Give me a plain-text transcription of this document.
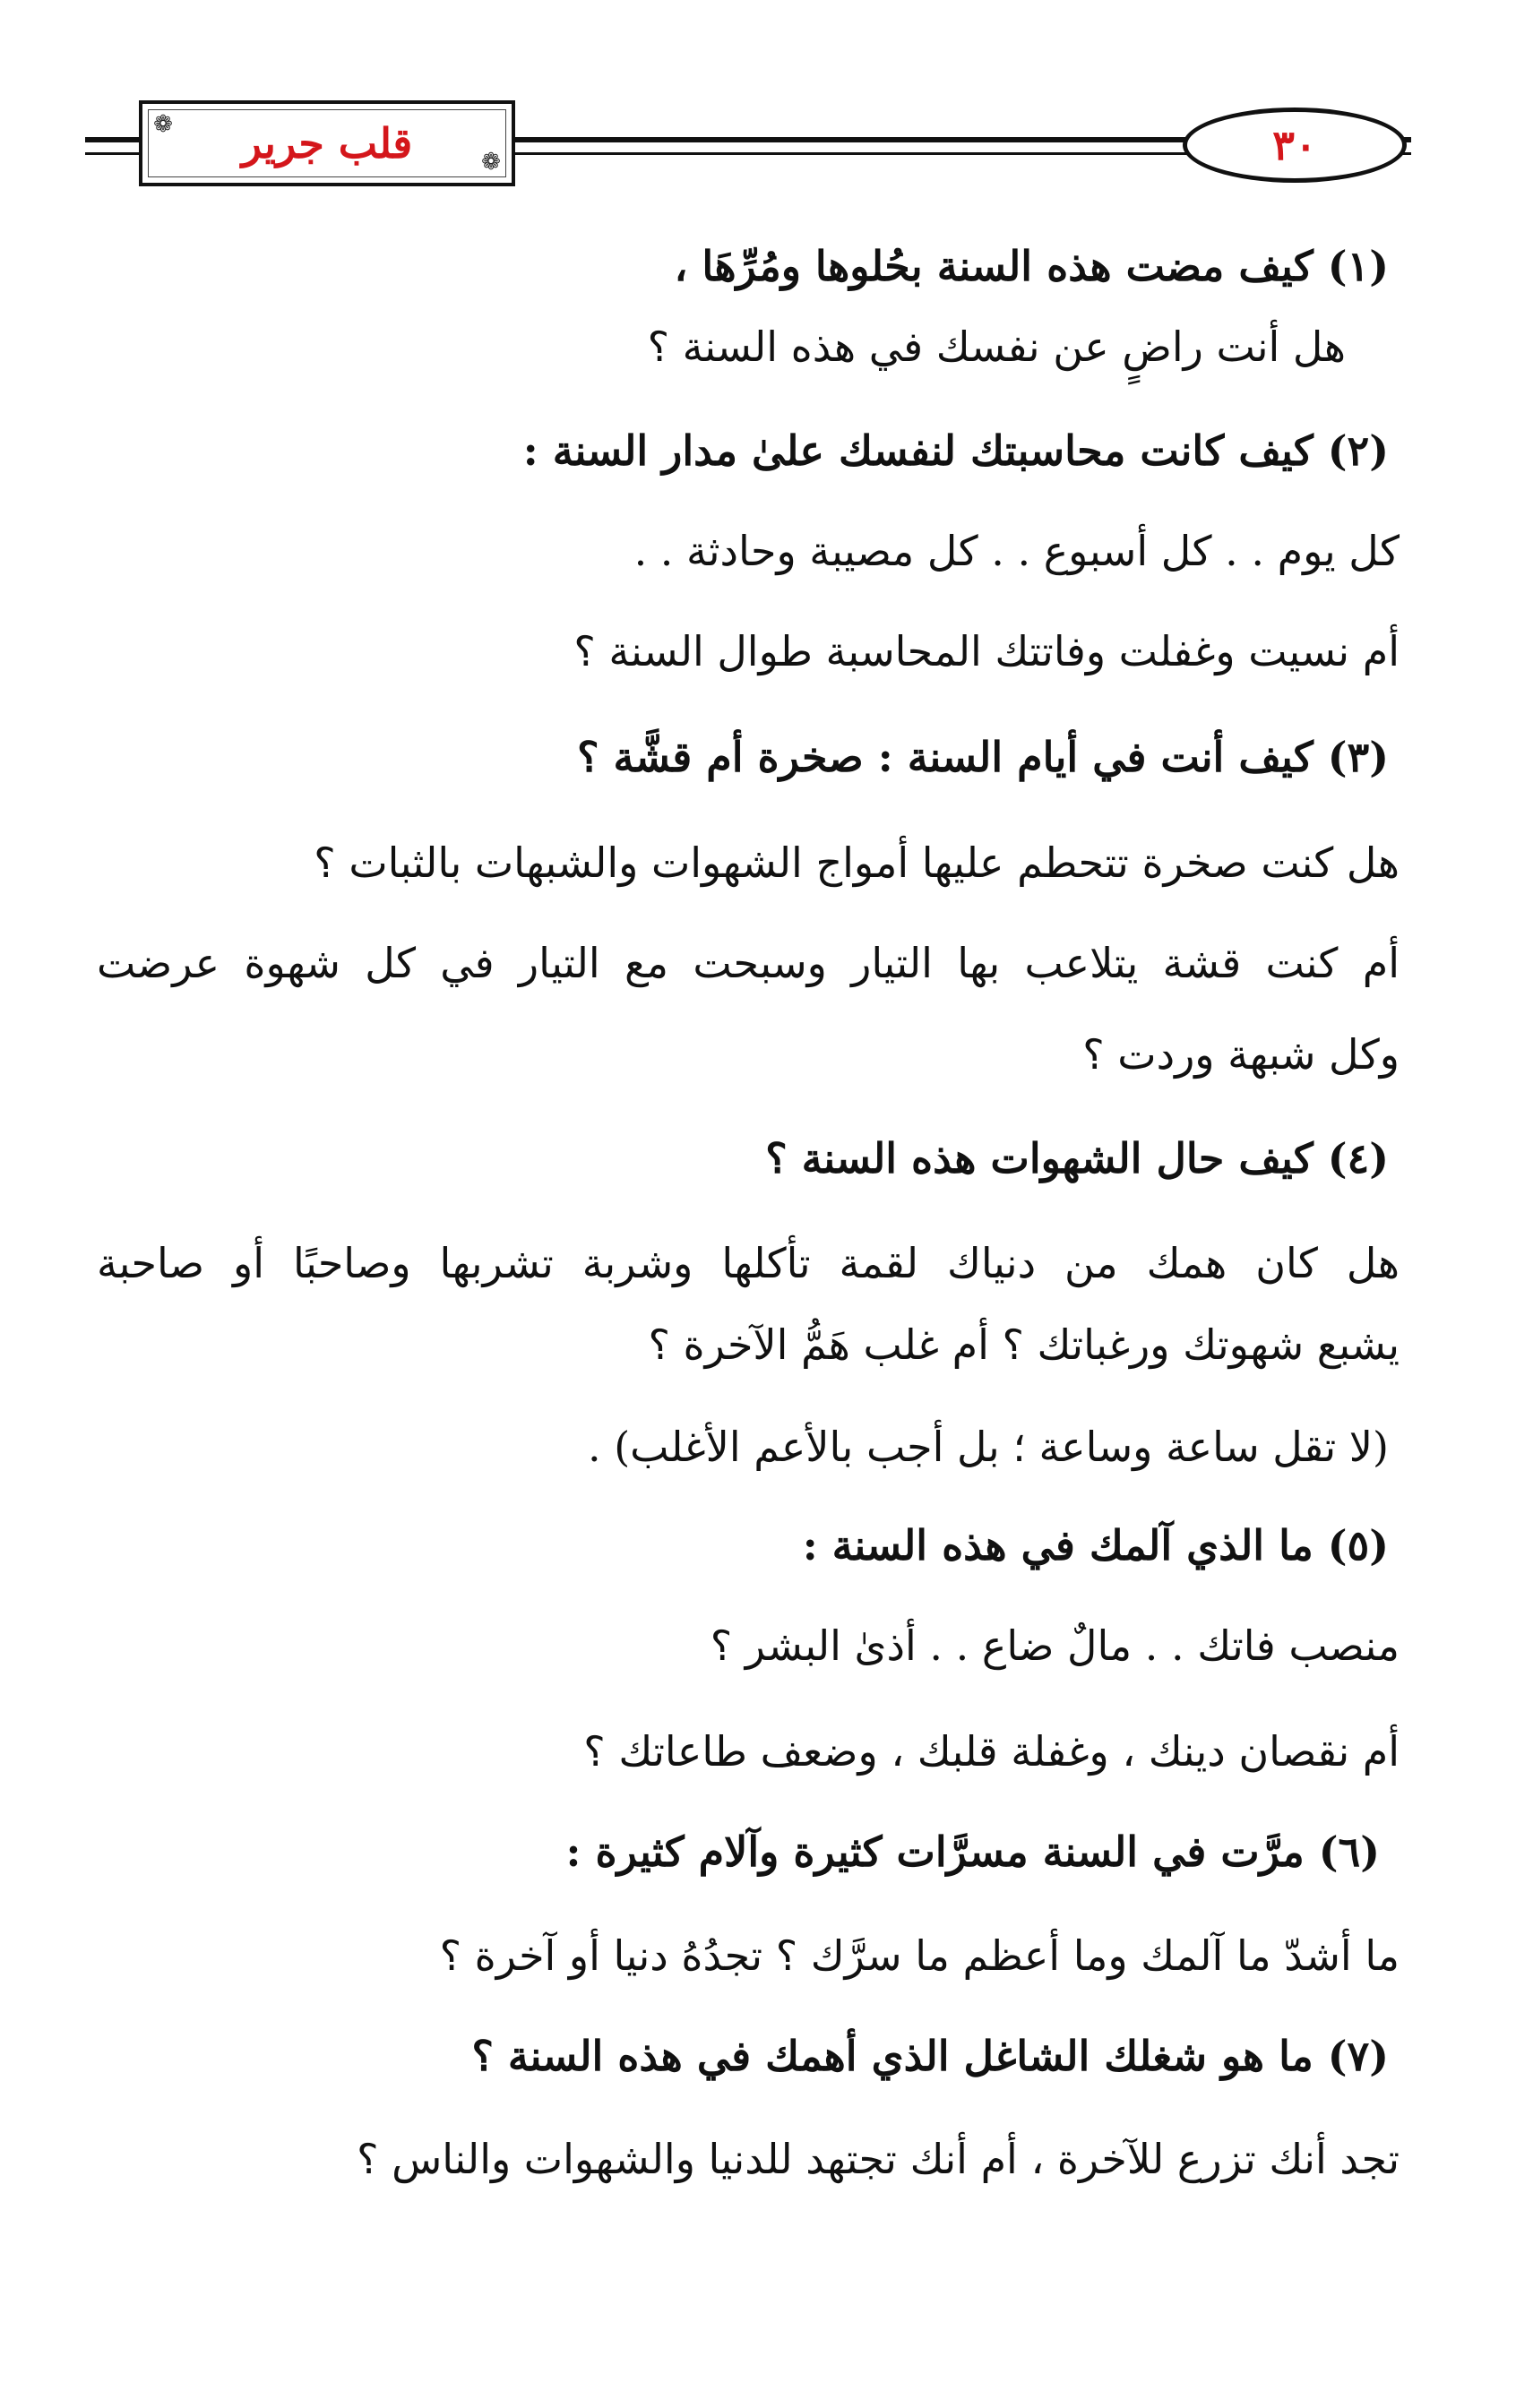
❁ قلب جرير	❁	٣٠
(١) كيف مضت هذه السنة بحُلوها ومُرِّهَا ،
هل أنت راضٍ عن نفسك في هذه السنة ؟
(٢) كيف كانت محاسبتك لنفسك علىٰ مدار السنة :
كل يوم . . كل أسبوع . . كل مصيبة وحادثة . .
أم نسيت وغفلت وفاتتك المحاسبة طوال السنة ؟
(٣) كيف أنت في أيام السنة : صخرة أم قشَّة ؟
هل كنت صخرة تتحطم عليها أمواج الشهوات والشبهات بالثبات ؟
أم كنت قشة يتلاعب بها التيار وسبحت مع التيار في كل شهوة عرضت
وكل شبهة وردت ؟
(٤) كيف حال الشهوات هذه السنة ؟
هل كان همك من دنياك لقمة تأكلها وشربة تشربها وصاحبًا أو صاحبة
يشبع شهوتك ورغباتك ؟ أم غلب هَمُّ الآخرة ؟
(لا تقل ساعة وساعة ؛ بل أجب بالأعم الأغلب) .
(٥) ما الذي آلمك في هذه السنة :
منصب فاتك . . مالٌ ضاع . . أذىٰ البشر ؟
أم نقصان دينك ، وغفلة قلبك ، وضعف طاعاتك ؟
(٦) مرَّت في السنة مسرَّات كثيرة وآلام كثيرة :
ما أشدّ ما آلمك وما أعظم ما سرَّك ؟ تجدُهُ دنيا أو آخرة ؟
(٧) ما هو شغلك الشاغل الذي أهمك في هذه السنة ؟
تجد أنك تزرع للآخرة ، أم أنك تجتهد للدنيا والشهوات والناس ؟
